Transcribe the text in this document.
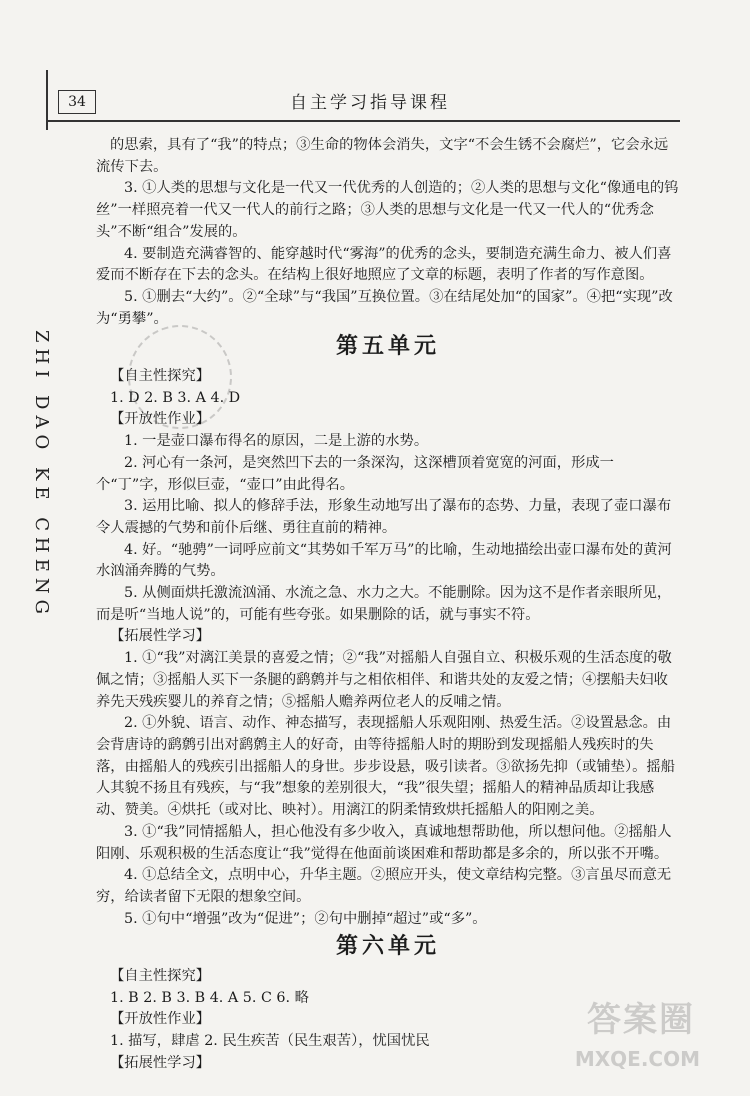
34	自主学习指导课程
ZHI DAO KE CHENG

的思索，具有了“我”的特点；③生命的物体会消失，文字“不会生锈不会腐烂”，它会永远流传下去。

3. ①人类的思想与文化是一代又一代优秀的人创造的；②人类的思想与文化“像通电的钨丝”一样照亮着一代又一代人的前行之路；③人类的思想与文化是一代又一代人的“优秀念头”不断“组合”发展的。

4. 要制造充满睿智的、能穿越时代“雾海”的优秀的念头，要制造充满生命力、被人们喜爱而不断存在下去的念头。在结构上很好地照应了文章的标题，表明了作者的写作意图。

5. ①删去“大约”。②“全球”与“我国”互换位置。③在结尾处加“的国家”。④把“实现”改为“勇攀”。

第五单元

【自主性探究】

1. D 2. B 3. A 4. D

【开放性作业】

1. 一是壶口瀑布得名的原因，二是上游的水势。

2. 河心有一条河，是突然凹下去的一条深沟，这深槽顶着宽宽的河面，形成一个“丁”字，形似巨壶，“壶口”由此得名。

3. 运用比喻、拟人的修辞手法，形象生动地写出了瀑布的态势、力量，表现了壶口瀑布令人震撼的气势和前仆后继、勇往直前的精神。

4. 好。“驰骋”一词呼应前文“其势如千军万马”的比喻，生动地描绘出壶口瀑布处的黄河水汹涌奔腾的气势。

5. 从侧面烘托激流汹涌、水流之急、水力之大。不能删除。因为这不是作者亲眼所见，而是听“当地人说”的，可能有些夸张。如果删除的话，就与事实不符。

【拓展性学习】

1. ①“我”对漓江美景的喜爱之情；②“我”对摇船人自强自立、积极乐观的生活态度的敬佩之情；③摇船人买下一条腿的鹞鹩并与之相依相伴、和谐共处的友爱之情；④摆船夫妇收养先天残疾婴儿的养育之情；⑤摇船人赡养两位老人的反哺之情。

2. ①外貌、语言、动作、神态描写，表现摇船人乐观阳刚、热爱生活。②设置悬念。由会背唐诗的鹞鹩引出对鹞鹩主人的好奇，由等待摇船人时的期盼到发现摇船人残疾时的失落，由摇船人的残疾引出摇船人的身世。步步设悬，吸引读者。③欲扬先抑（或铺垫）。摇船人其貌不扬且有残疾，与“我”想象的差别很大，“我”很失望；摇船人的精神品质却让我感动、赞美。④烘托（或对比、映衬）。用漓江的阴柔情致烘托摇船人的阳刚之美。

3. ①“我”同情摇船人，担心他没有多少收入，真诚地想帮助他，所以想问他。②摇船人阳刚、乐观积极的生活态度让“我”觉得在他面前谈困难和帮助都是多余的，所以张不开嘴。

4. ①总结全文，点明中心，升华主题。②照应开头，使文章结构完整。③言虽尽而意无穷，给读者留下无限的想象空间。

5. ①句中“增强”改为“促进”；②句中删掉“超过”或“多”。

第六单元

【自主性探究】

1. B 2. B 3. B 4. A 5. C 6. 略

【开放性作业】

1. 描写，肆虐 2. 民生疾苦（民生艰苦），忧国忧民

【拓展性学习】

答案圈
MXQE.COM
